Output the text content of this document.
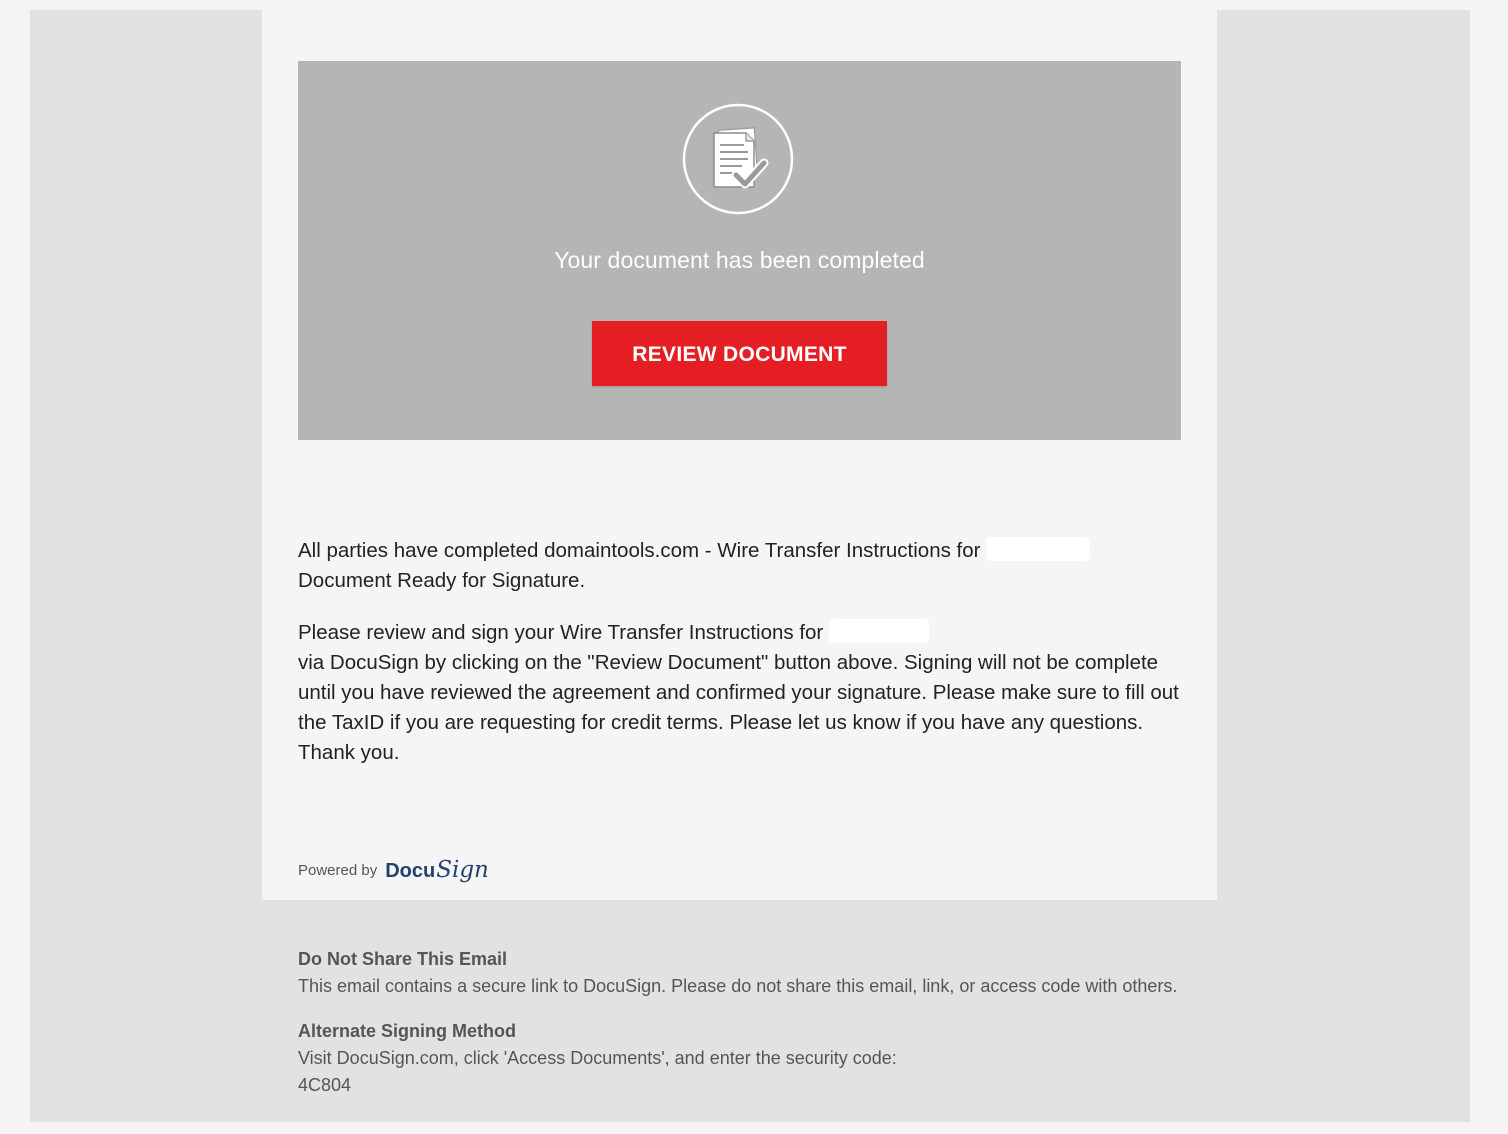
Your document has been completed
REVIEW DOCUMENT

All parties have completed domaintools.com - Wire Transfer Instructions for
Document Ready for Signature.

Please review and sign your Wire Transfer Instructions for
via DocuSign by clicking on the "Review Document" button above. Signing will not be complete until you have reviewed the agreement and confirmed your signature. Please make sure to fill out the TaxID if you are requesting for credit terms. Please let us know if you have any questions. Thank you.

Powered by Docu Sign
Do Not Share This Email

This email contains a secure link to DocuSign. Please do not share this email, link, or access code with others.

Alternate Signing Method

Visit DocuSign.com, click 'Access Documents', and enter the security code:
4C804
